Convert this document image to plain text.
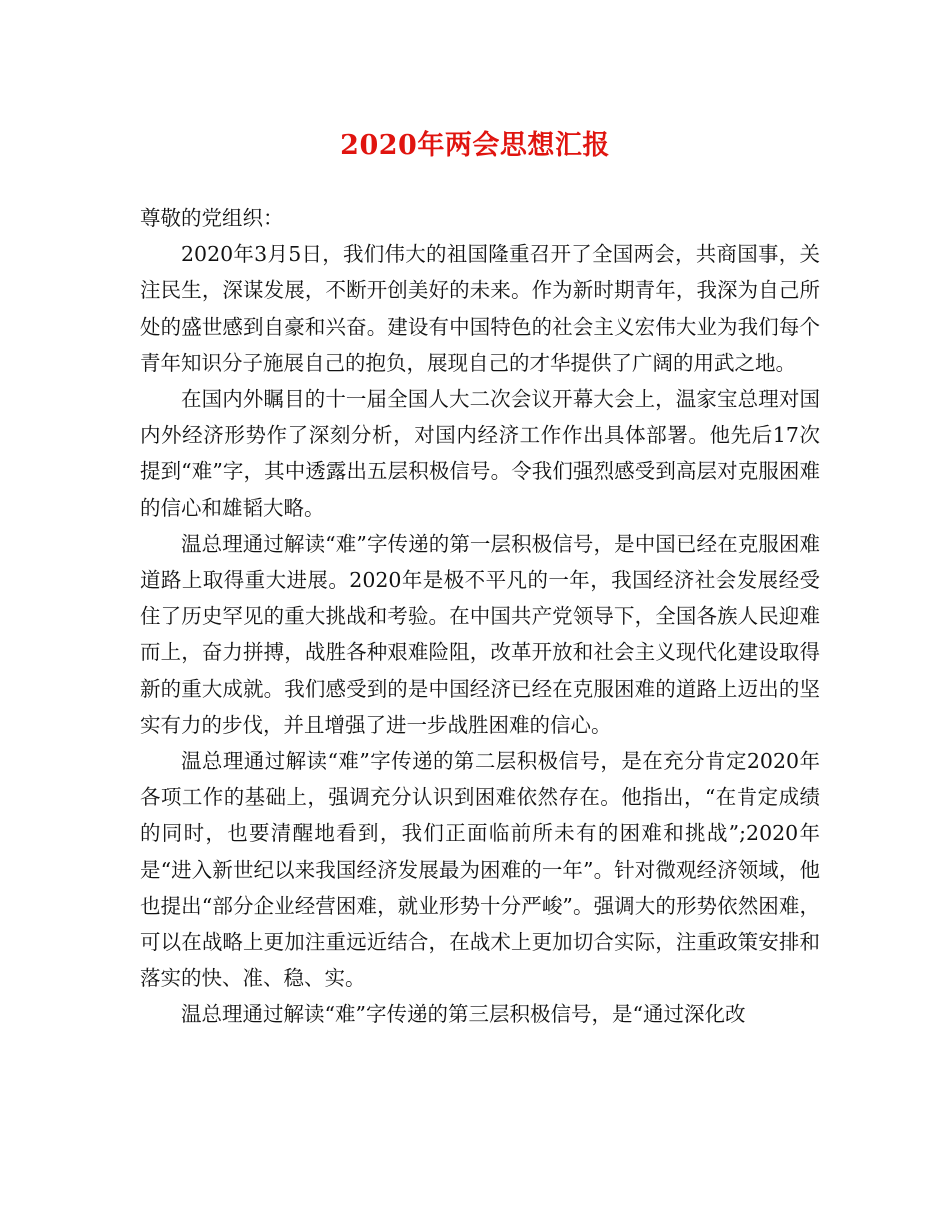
2020年两会思想汇报

尊敬的党组织：

2020年3月5日，我们伟大的祖国隆重召开了全国两会，共商国事，关注民生，深谋发展，不断开创美好的未来。作为新时期青年，我深为自己所处的盛世感到自豪和兴奋。建设有中国特色的社会主义宏伟大业为我们每个青年知识分子施展自己的抱负，展现自己的才华提供了广阔的用武之地。

在国内外瞩目的十一届全国人大二次会议开幕大会上，温家宝总理对国内外经济形势作了深刻分析，对国内经济工作作出具体部署。他先后17次提到“难”字，其中透露出五层积极信号。令我们强烈感受到高层对克服困难的信心和雄韬大略。

温总理通过解读“难”字传递的第一层积极信号，是中国已经在克服困难道路上取得重大进展。2020年是极不平凡的一年，我国经济社会发展经受住了历史罕见的重大挑战和考验。在中国共产党领导下，全国各族人民迎难而上，奋力拼搏，战胜各种艰难险阻，改革开放和社会主义现代化建设取得新的重大成就。我们感受到的是中国经济已经在克服困难的道路上迈出的坚实有力的步伐，并且增强了进一步战胜困难的信心。

温总理通过解读“难”字传递的第二层积极信号，是在充分肯定2020年各项工作的基础上，强调充分认识到困难依然存在。他指出，“在肯定成绩的同时，也要清醒地看到，我们正面临前所未有的困难和挑战”;2020年是“进入新世纪以来我国经济发展最为困难的一年”。针对微观经济领域，他也提出“部分企业经营困难，就业形势十分严峻”。强调大的形势依然困难，可以在战略上更加注重远近结合，在战术上更加切合实际，注重政策安排和落实的快、准、稳、实。

温总理通过解读“难”字传递的第三层积极信号，是“通过深化改
